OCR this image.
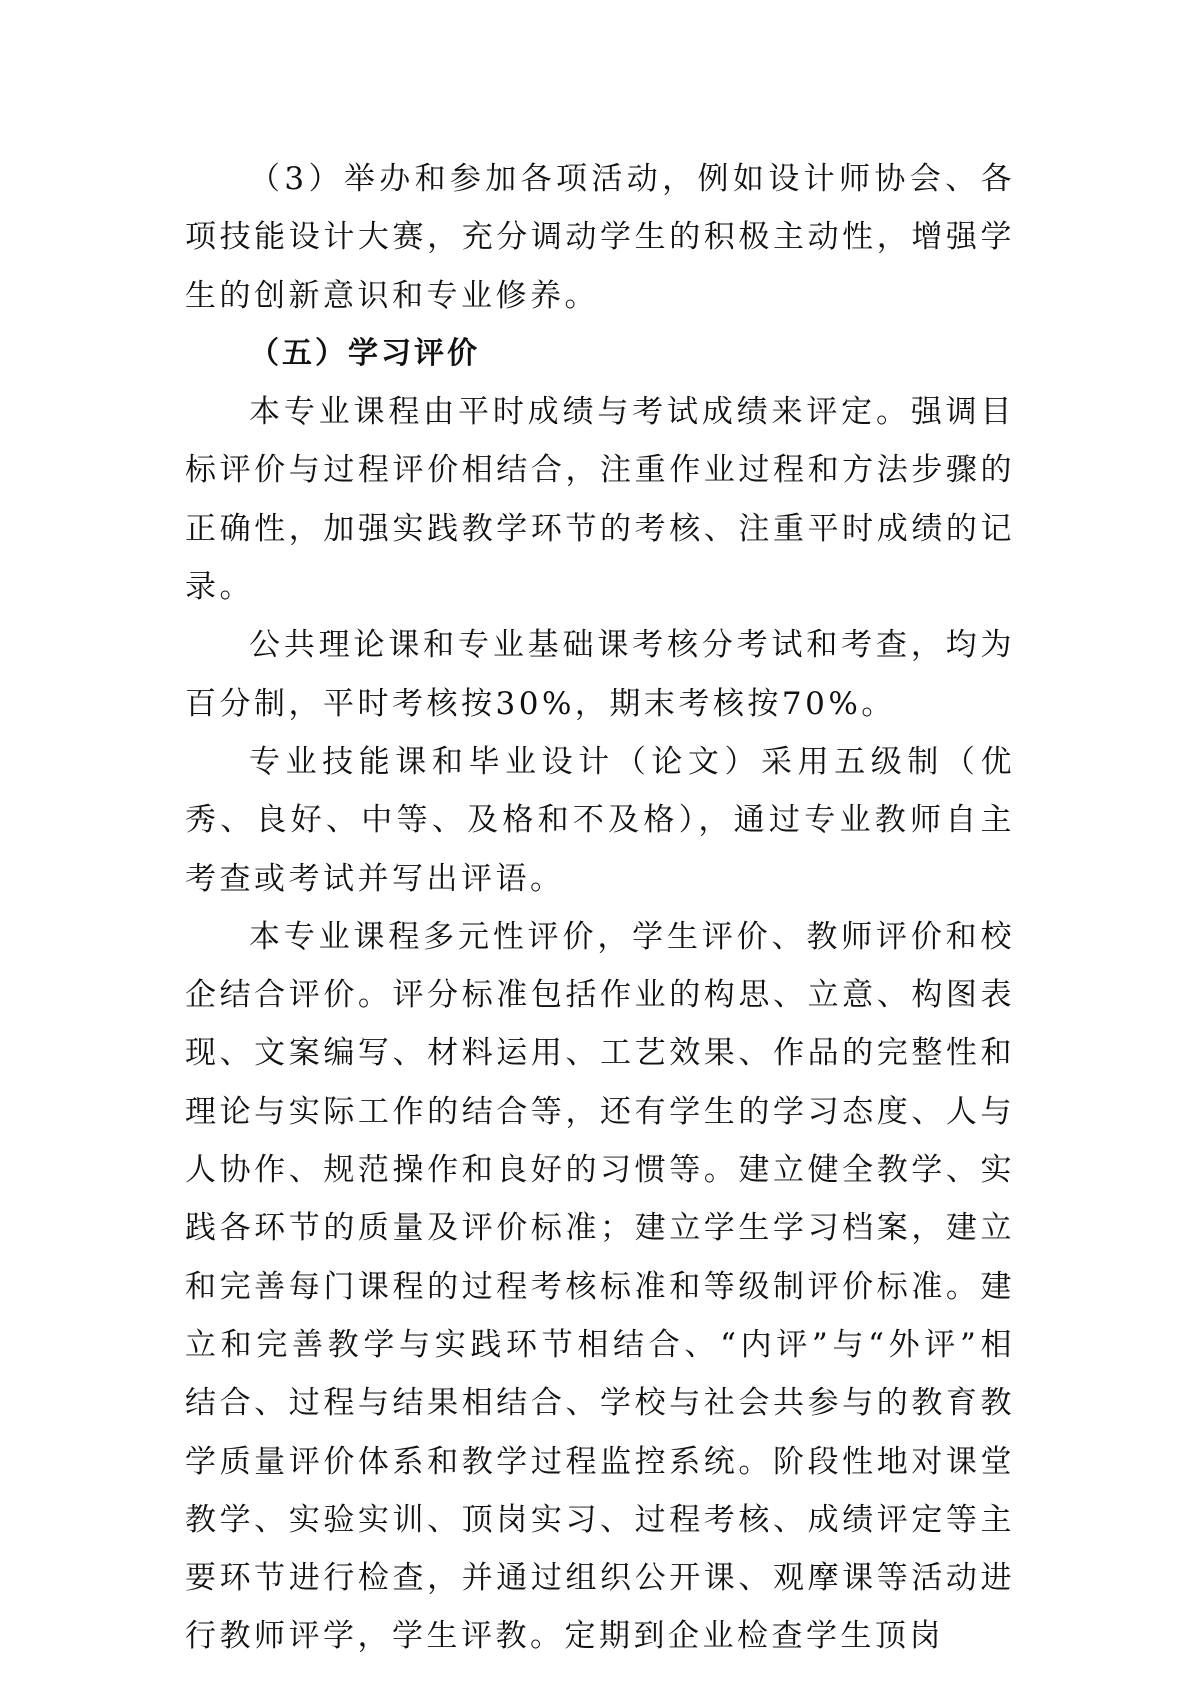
（3）举办和参加各项活动，例如设计师协会、各项技能设计大赛，充分调动学生的积极主动性，增强学生的创新意识和专业修养。

（五）学习评价

本专业课程由平时成绩与考试成绩来评定。强调目标评价与过程评价相结合，注重作业过程和方法步骤的正确性，加强实践教学环节的考核、注重平时成绩的记录。

公共理论课和专业基础课考核分考试和考查，均为百分制，平时考核按30%，期末考核按70%。

专业技能课和毕业设计（论文）采用五级制（优秀、良好、中等、及格和不及格），通过专业教师自主考查或考试并写出评语。

本专业课程多元性评价，学生评价、教师评价和校企结合评价。评分标准包括作业的构思、立意、构图表现、文案编写、材料运用、工艺效果、作品的完整性和理论与实际工作的结合等，还有学生的学习态度、人与人协作、规范操作和良好的习惯等。建立健全教学、实践各环节的质量及评价标准；建立学生学习档案，建立和完善每门课程的过程考核标准和等级制评价标准。建立和完善教学与实践环节相结合、“内评”与“外评”相结合、过程与结果相结合、学校与社会共参与的教育教学质量评价体系和教学过程监控系统。阶段性地对课堂教学、实验实训、顶岗实习、过程考核、成绩评定等主要环节进行检查，并通过组织公开课、观摩课等活动进行教师评学，学生评教。定期到企业检查学生顶岗
